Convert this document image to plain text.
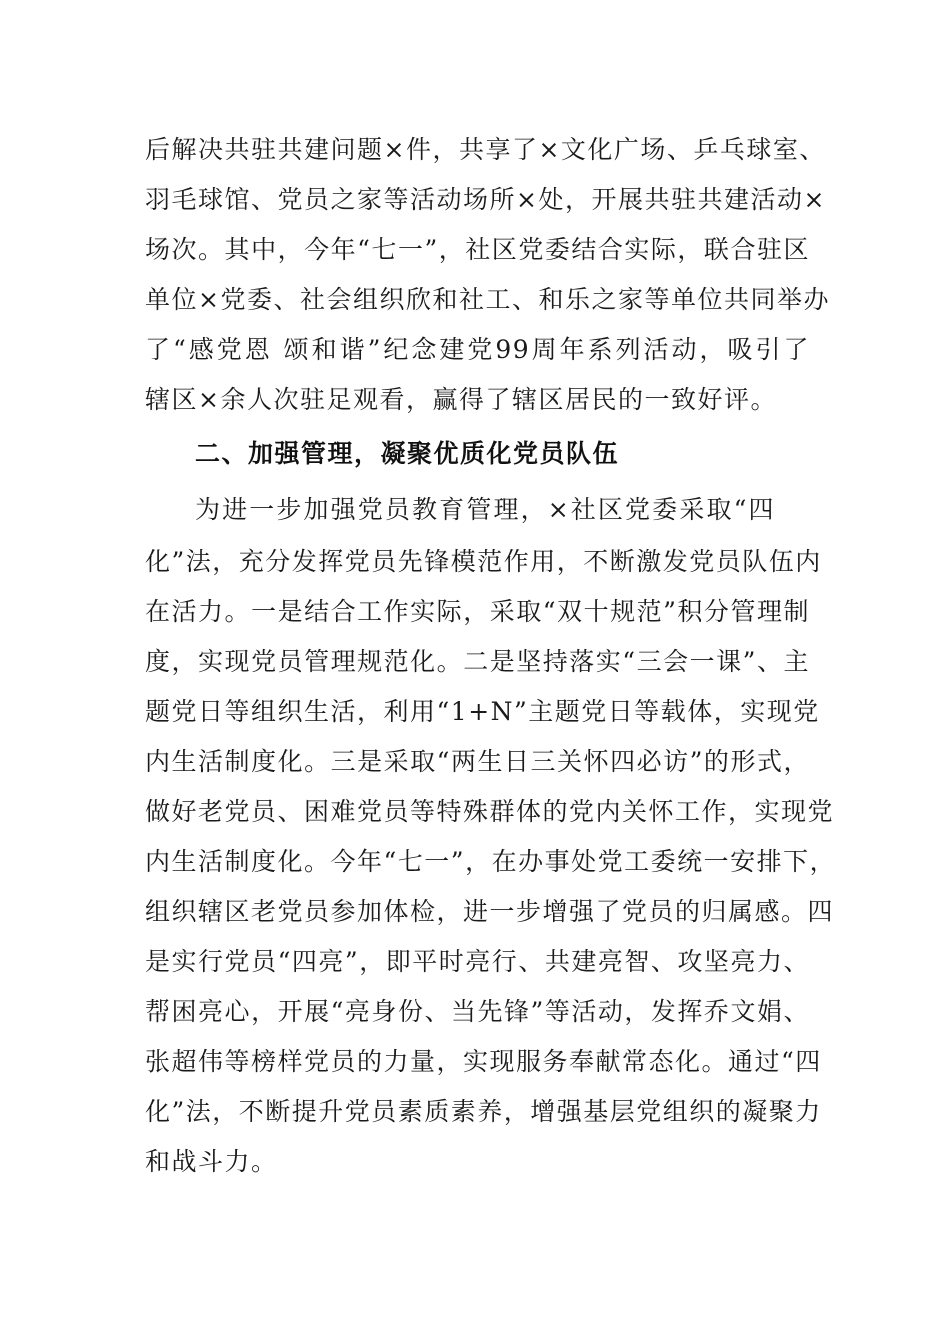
后解决共驻共建问题×件，共享了×文化广场、乒乓球室、
羽毛球馆、党员之家等活动场所×处，开展共驻共建活动×
场次。其中，今年“七一”，社区党委结合实际，联合驻区
单位×党委、社会组织欣和社工、和乐之家等单位共同举办
了“感党恩 颂和谐”纪念建党99周年系列活动，吸引了
辖区×余人次驻足观看，赢得了辖区居民的一致好评。
二、加强管理，凝聚优质化党员队伍
为进一步加强党员教育管理，×社区党委采取“四
化”法，充分发挥党员先锋模范作用，不断激发党员队伍内
在活力。一是结合工作实际，采取“双十规范”积分管理制
度，实现党员管理规范化。二是坚持落实“三会一课”、主
题党日等组织生活，利用“1+N”主题党日等载体，实现党
内生活制度化。三是采取“两生日三关怀四必访”的形式，
做好老党员、困难党员等特殊群体的党内关怀工作，实现党
内生活制度化。今年“七一”，在办事处党工委统一安排下，
组织辖区老党员参加体检，进一步增强了党员的归属感。四
是实行党员“四亮”，即平时亮行、共建亮智、攻坚亮力、
帮困亮心，开展“亮身份、当先锋”等活动，发挥乔文娟、
张超伟等榜样党员的力量，实现服务奉献常态化。通过“四
化”法，不断提升党员素质素养，增强基层党组织的凝聚力
和战斗力。
